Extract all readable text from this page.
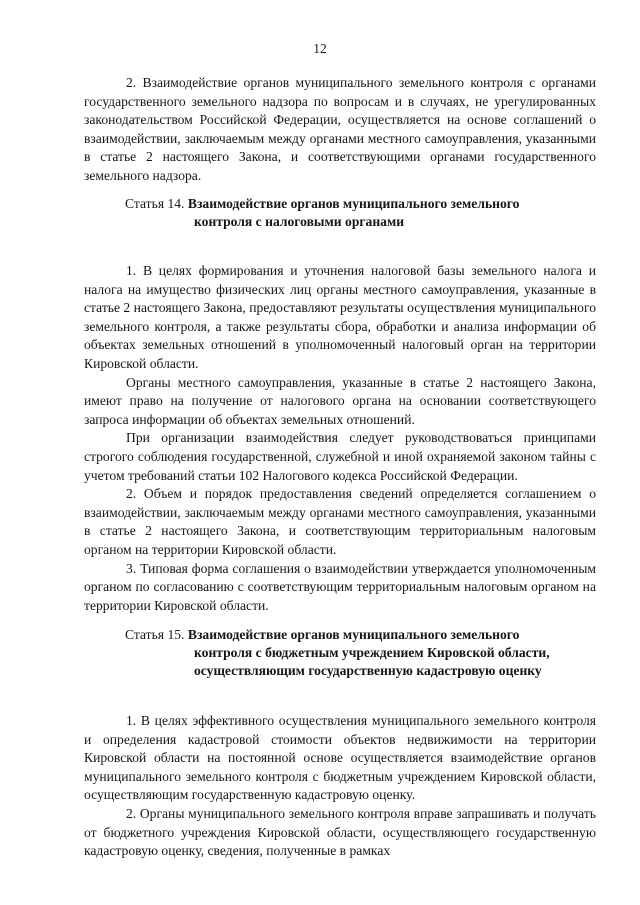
12

2. Взаимодействие органов муниципального земельного контроля с органами государственного земельного надзора по вопросам и в случаях, не урегулированных законодательством Российской Федерации, осуществляется на основе соглашений о взаимодействии, заключаемым между органами местного самоуправления, указанными в статье 2 настоящего Закона, и соответствующими органами государственного земельного надзора.

Статья 14. Взаимодействие органов муниципального земельного
контроля с налоговыми органами

1. В целях формирования и уточнения налоговой базы земельного налога и налога на имущество физических лиц органы местного самоуправления, указанные в статье 2 настоящего Закона, предоставляют результаты осуществления муниципального земельного контроля, а также результаты сбора, обработки и анализа информации об объектах земельных отношений в уполномоченный налоговый орган на территории Кировской области.

Органы местного самоуправления, указанные в статье 2 настоящего Закона, имеют право на получение от налогового органа на основании соответствующего запроса информации об объектах земельных отношений.

При организации взаимодействия следует руководствоваться принципами строгого соблюдения государственной, служебной и иной охраняемой законом тайны с учетом требований статьи 102 Налогового кодекса Российской Федерации.

2. Объем и порядок предоставления сведений определяется соглашением о взаимодействии, заключаемым между органами местного самоуправления, указанными в статье 2 настоящего Закона, и соответствующим территориальным налоговым органом на территории Кировской области.

3. Типовая форма соглашения о взаимодействии утверждается уполномоченным органом по согласованию с соответствующим территориальным налоговым органом на территории Кировской области.

Статья 15. Взаимодействие органов муниципального земельного
контроля с бюджетным учреждением Кировской области,
осуществляющим государственную кадастровую оценку

1. В целях эффективного осуществления муниципального земельного контроля и определения кадастровой стоимости объектов недвижимости на территории Кировской области на постоянной основе осуществляется взаимодействие органов муниципального земельного контроля с бюджетным учреждением Кировской области, осуществляющим государственную кадастровую оценку.

2. Органы муниципального земельного контроля вправе запрашивать и получать от бюджетного учреждения Кировской области, осуществляющего государственную кадастровую оценку, сведения, полученные в рамках
